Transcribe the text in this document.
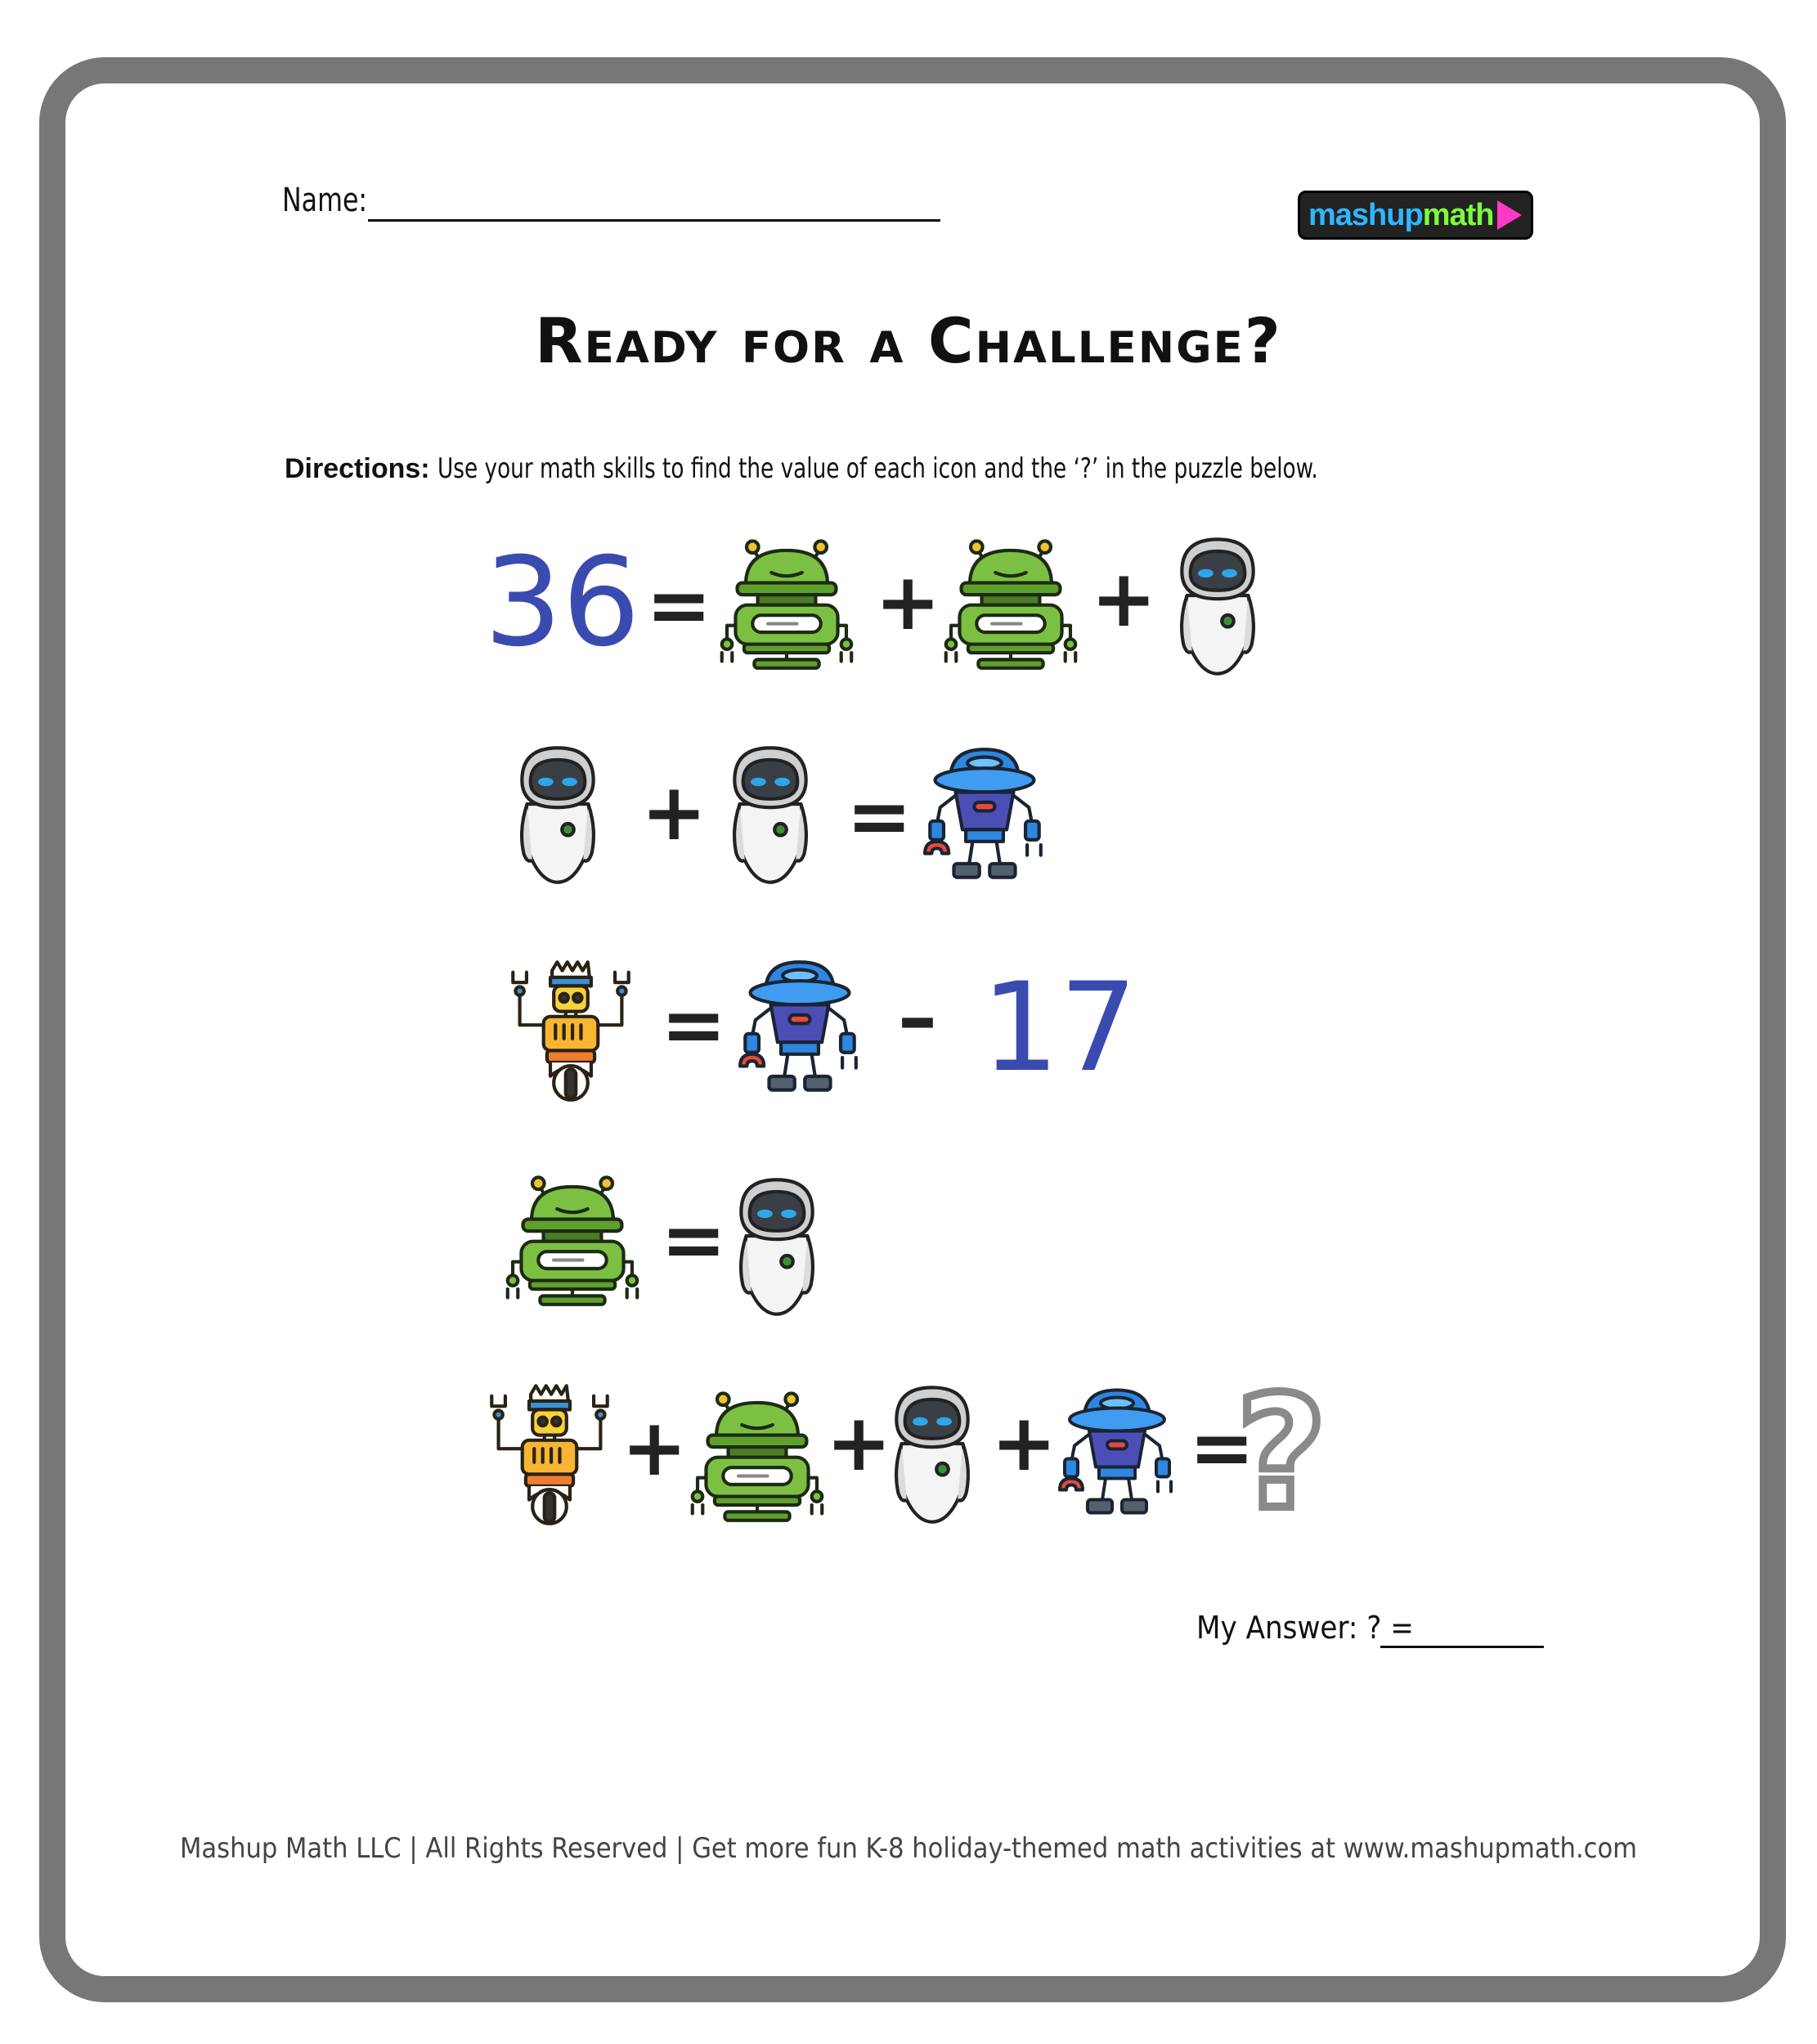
Name:	mashup math
Ready for a Challenge?
Directions: Use your math skills to find the value of each icon and the ‘?’ in the puzzle below.
36 = + +
+ =
= – 17
=
+ + + =
?
My Answer: ? =
Mashup Math LLC | All Rights Reserved | Get more fun K-8 holiday-themed math activities at www.mashupmath.com
